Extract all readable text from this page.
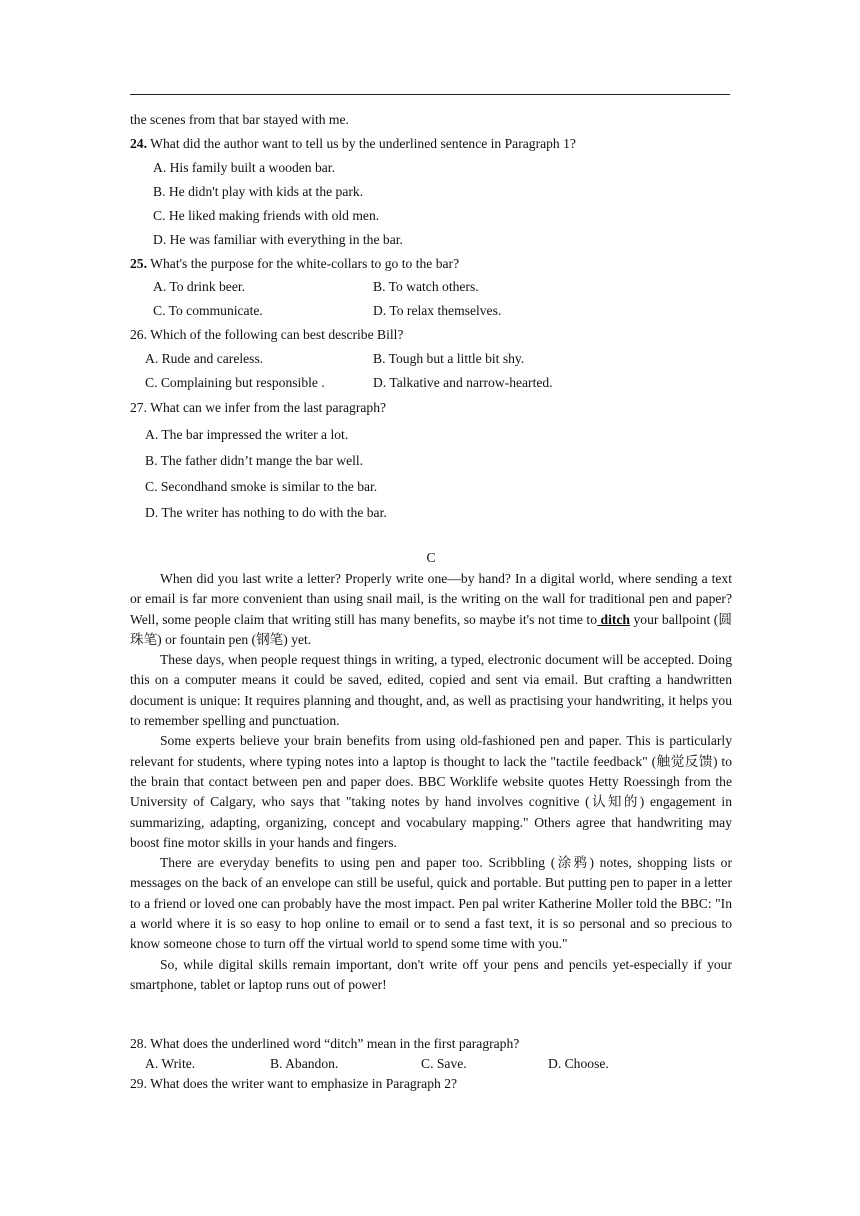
the scenes from that bar stayed with me.
24. What did the author want to tell us by the underlined sentence in Paragraph 1?
A. His family built a wooden bar.
B. He didn't play with kids at the park.
C. He liked making friends with old men.
D. He was familiar with everything in the bar.
25. What's the purpose for the white-collars to go to the bar?
A. To drink beer.	B. To watch others.
C. To communicate.	D. To relax themselves.
26. Which of the following can best describe Bill?
A. Rude and careless.	B. Tough but a little bit shy.
C. Complaining but responsible .	D. Talkative and narrow-hearted.
27. What can we infer from the last paragraph?
A. The bar impressed the writer a lot.
B. The father didn’t mange the bar well.
C. Secondhand smoke is similar to the bar.
D. The writer has nothing to do with the bar.
C

When did you last write a letter? Properly write one—by hand? In a digital world, where sending a text or email is far more convenient than using snail mail, is the writing on the wall for traditional pen and paper? Well, some people claim that writing still has many benefits, so maybe it's not time to ditch your ballpoint (圆珠笔) or fountain pen (钢笔) yet.

These days, when people request things in writing, a typed, electronic document will be accepted. Doing this on a computer means it could be saved, edited, copied and sent via email. But crafting a handwritten document is unique: It requires planning and thought, and, as well as practising your handwriting, it helps you to remember spelling and punctuation.

Some experts believe your brain benefits from using old-fashioned pen and paper. This is particularly relevant for students, where typing notes into a laptop is thought to lack the "tactile feedback" (触觉反馈) to the brain that contact between pen and paper does. BBC Worklife website quotes Hetty Roessingh from the University of Calgary, who says that "taking notes by hand involves cognitive (认知的) engagement in summarizing, adapting, organizing, concept and vocabulary mapping." Others agree that handwriting may boost fine motor skills in your hands and fingers.

There are everyday benefits to using pen and paper too. Scribbling (涂鸦) notes, shopping lists or messages on the back of an envelope can still be useful, quick and portable. But putting pen to paper in a letter to a friend or loved one can probably have the most impact. Pen pal writer Katherine Moller told the BBC: "In a world where it is so easy to hop online to email or to send a fast text, it is so personal and so precious to know someone chose to turn off the virtual world to spend some time with you."

So, while digital skills remain important, don't write off your pens and pencils yet-especially if your smartphone, tablet or laptop runs out of power!

28. What does the underlined word “ditch” mean in the first paragraph?
A. Write.	B. Abandon.	C. Save.	D. Choose.
29. What does the writer want to emphasize in Paragraph 2?
